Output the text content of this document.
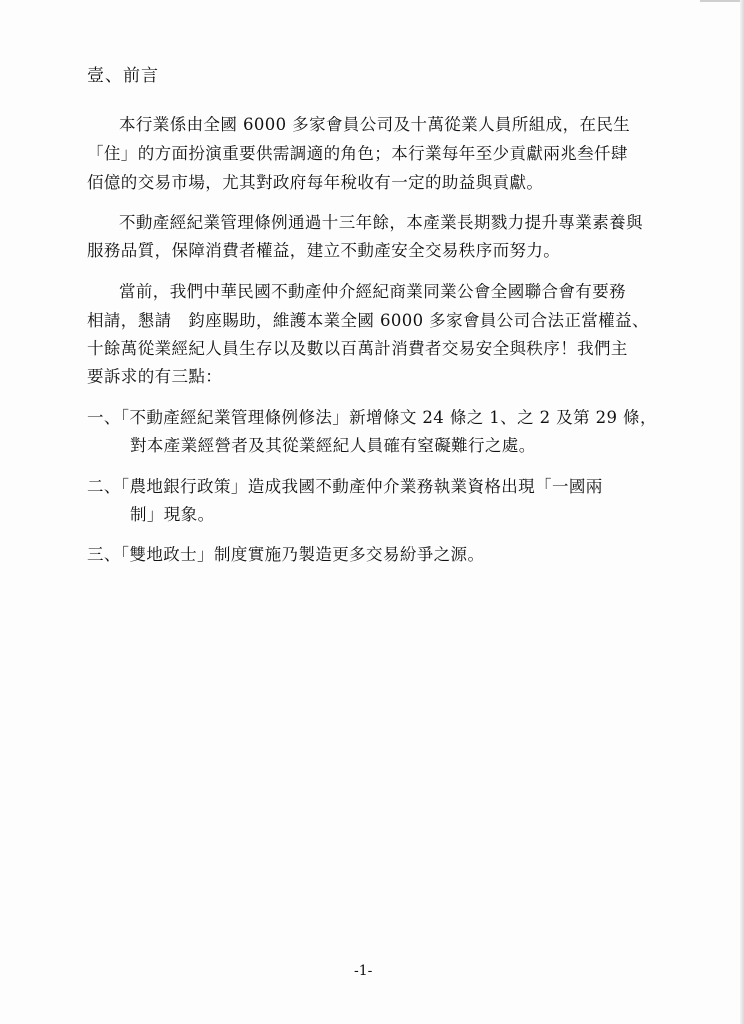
壹、前言
本行業係由全國 6000 多家會員公司及十萬從業人員所組成，在民生
「住」的方面扮演重要供需調適的角色；本行業每年至少貢獻兩兆叁仟肆
佰億的交易市場，尤其對政府每年稅收有一定的助益與貢獻。
不動產經紀業管理條例通過十三年餘，本產業長期戮力提升專業素養與
服務品質，保障消費者權益，建立不動產安全交易秩序而努力。
當前，我們中華民國不動產仲介經紀商業同業公會全國聯合會有要務
相請，懇請　鈞座賜助，維護本業全國 6000 多家會員公司合法正當權益、
十餘萬從業經紀人員生存以及數以百萬計消費者交易安全與秩序！我們主
要訴求的有三點：
一、「不動產經紀業管理條例修法」新增條文 24 條之 1、之 2 及第 29 條，
對本產業經營者及其從業經紀人員確有窒礙難行之處。
二、「農地銀行政策」造成我國不動產仲介業務執業資格出現「一國兩
制」現象。
三、「雙地政士」制度實施乃製造更多交易紛爭之源。
-1-
